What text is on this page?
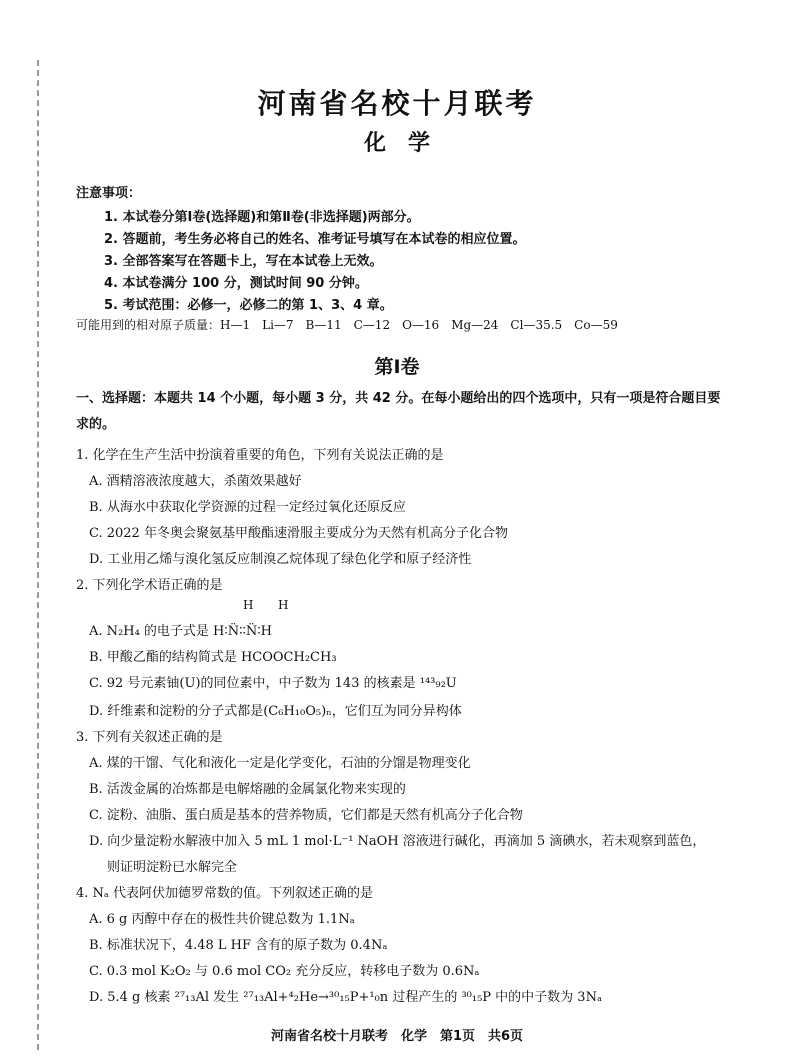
河南省名校十月联考
化　学
注意事项：
1. 本试卷分第Ⅰ卷(选择题)和第Ⅱ卷(非选择题)两部分。
2. 答题前，考生务必将自己的姓名、准考证号填写在本试卷的相应位置。
3. 全部答案写在答题卡上，写在本试卷上无效。
4. 本试卷满分 100 分，测试时间 90 分钟。
5. 考试范围：必修一，必修二的第 1、3、4 章。
可能用到的相对原子质量：H—1　Li—7　B—11　C—12　O—16　Mg—24　Cl—35.5　Co—59
第Ⅰ卷
一、选择题：本题共 14 个小题，每小题 3 分，共 42 分。在每小题给出的四个选项中，只有一项是符合题目要求的。
1. 化学在生产生活中扮演着重要的角色，下列有关说法正确的是
A. 酒精溶液浓度越大，杀菌效果越好
B. 从海水中获取化学资源的过程一定经过氧化还原反应
C. 2022 年冬奥会聚氨基甲酸酯速滑服主要成分为天然有机高分子化合物
D. 工业用乙烯与溴化氢反应制溴乙烷体现了绿色化学和原子经济性
2. 下列化学术语正确的是
H H
A. N₂H₄ 的电子式是 H∶N̈∶∶N̈∶H
B. 甲酸乙酯的结构简式是 HCOOCH₂CH₃
C. 92 号元素铀(U)的同位素中，中子数为 143 的核素是 ¹⁴³₉₂U
D. 纤维素和淀粉的分子式都是(C₆H₁₀O₅)ₙ，它们互为同分异构体
3. 下列有关叙述正确的是
A. 煤的干馏、气化和液化一定是化学变化，石油的分馏是物理变化
B. 活泼金属的冶炼都是电解熔融的金属氯化物来实现的
C. 淀粉、油脂、蛋白质是基本的营养物质，它们都是天然有机高分子化合物
D. 向少量淀粉水解液中加入 5 mL 1 mol·L⁻¹ NaOH 溶液进行碱化，再滴加 5 滴碘水，若未观察到蓝色，
则证明淀粉已水解完全
4. Nₐ 代表阿伏加德罗常数的值。下列叙述正确的是
A. 6 g 丙醇中存在的极性共价键总数为 1.1Nₐ
B. 标准状况下，4.48 L HF 含有的原子数为 0.4Nₐ
C. 0.3 mol K₂O₂ 与 0.6 mol CO₂ 充分反应，转移电子数为 0.6Nₐ
D. 5.4 g 核素 ²⁷₁₃Al 发生 ²⁷₁₃Al+⁴₂He→³⁰₁₅P+¹₀n 过程产生的 ³⁰₁₅P 中的中子数为 3Nₐ
河南省名校十月联考　化学　第1页　共6页
